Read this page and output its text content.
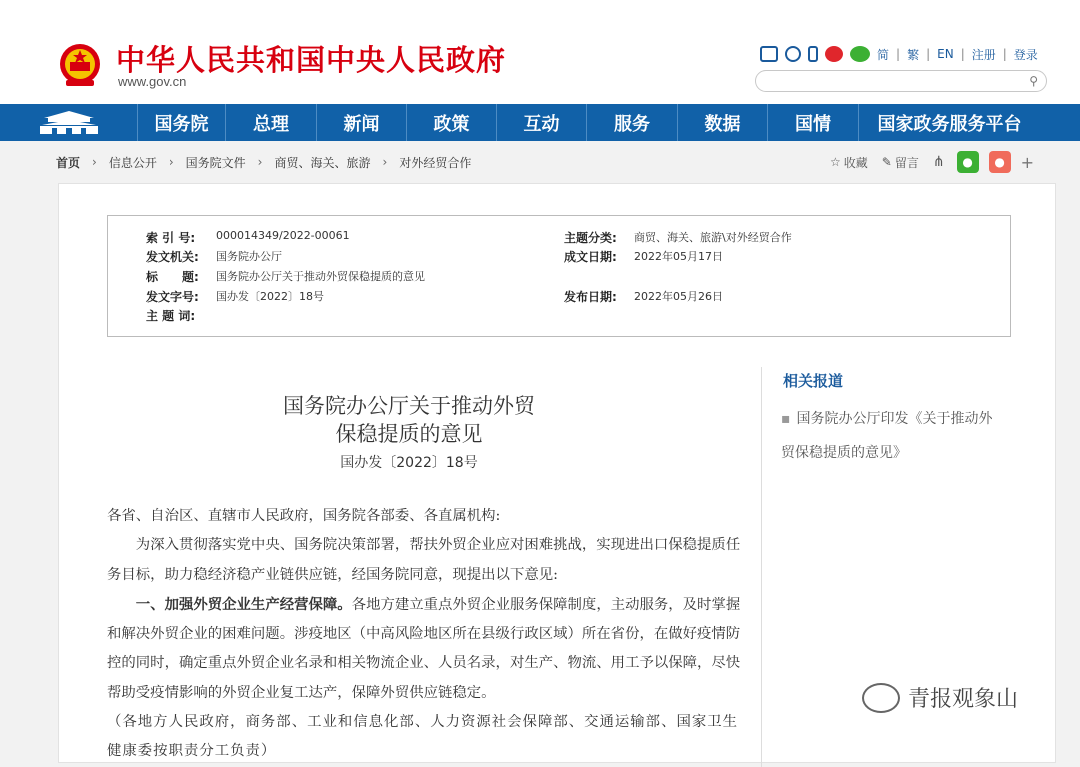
中华人民共和国中央人民政府
www.gov.cn
简 | 繁 | EN | 注册 | 登录
⚲
国务院	总理	新闻	政策	互动	服务	数据	国情	国家政务服务平台
首页 › 信息公开 › 国务院文件 › 商贸、海关、旅游 › 对外经贸合作	☆ 收藏 ✎ 留言 ⋔	●	● +
索 引 号:	000014349/2022-00061	主题分类:	商贸、海关、旅游\对外经贸合作
发文机关:	国务院办公厅	成文日期:	2022年05月17日
标　　题:	国务院办公厅关于推动外贸保稳提质的意见
发文字号:	国办发〔2022〕18号	发布日期:	2022年05月26日
主 题 词:
国务院办公厅关于推动外贸
保稳提质的意见
国办发〔2022〕18号

各省、自治区、直辖市人民政府，国务院各部委、各直属机构:

为深入贯彻落实党中央、国务院决策部署，帮扶外贸企业应对困难挑战，实现进出口保稳提质任务目标，助力稳经济稳产业链供应链，经国务院同意，现提出以下意见:

一、加强外贸企业生产经营保障。各地方建立重点外贸企业服务保障制度，主动服务，及时掌握和解决外贸企业的困难问题。涉疫地区（中高风险地区所在县级行政区域）所在省份，在做好疫情防控的同时，确定重点外贸企业名录和相关物流企业、人员名录，对生产、物流、用工予以保障，尽快帮助受疫情影响的外贸企业复工达产，保障外贸供应链稳定。

（各地方人民政府，商务部、工业和信息化部、人力资源社会保障部、交通运输部、国家卫生健康委按职责分工负责）

相关报道
▪ 国务院办公厅印发《关于推动外贸保稳提质的意见》
青报观象山
